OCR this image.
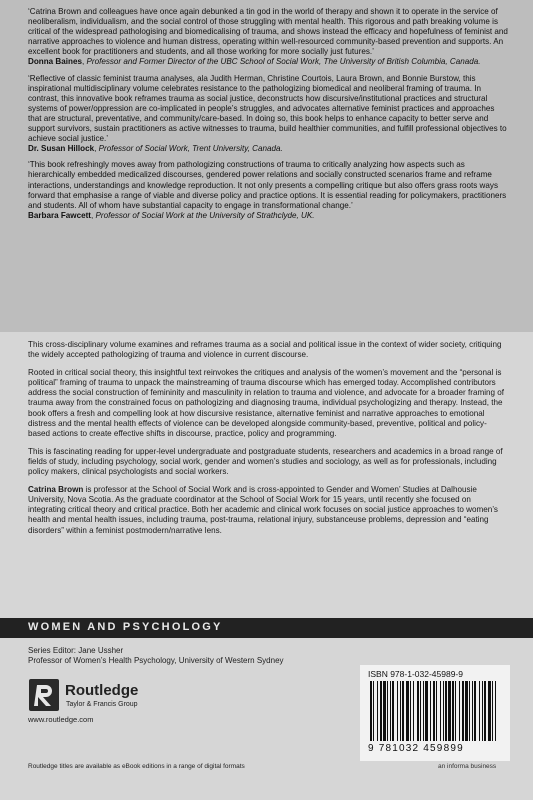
‘Catrina Brown and colleagues have once again debunked a tin god in the world of therapy and shown it to operate in the service of neoliberalism, individualism, and the social control of those struggling with mental health. This rigorous and path breaking volume is critical of the widespread pathologising and biomedicalising of trauma, and shows instead the efficacy and hopefulness of feminist and narrative approaches to violence and human distress, operating within well-resourced community-based prevention and supports. An excellent book for practitioners and students, and all those working for more socially just futures.’
Donna Baines, Professor and Former Director of the UBC School of Social Work, The University of British Columbia, Canada.

‘Reflective of classic feminist trauma analyses, ala Judith Herman, Christine Courtois, Laura Brown, and Bonnie Burstow, this inspirational multidisciplinary volume celebrates resistance to the pathologizing biomedical and neoliberal framing of trauma. In contrast, this innovative book reframes trauma as social justice, deconstructs how discursive/institutional practices and structural systems of power/oppression are co-implicated in people’s struggles, and advocates alternative feminist practices and approaches that are structural, preventative, and community/care-based. In doing so, this book helps to enhance capacity to better serve and support survivors, sustain practitioners as active witnesses to trauma, build healthier communities, and fulfill professional objectives to achieve social justice.’
Dr. Susan Hillock, Professor of Social Work, Trent University, Canada.

‘This book refreshingly moves away from pathologizing constructions of trauma to critically analyzing how aspects such as hierarchically embedded medicalized discourses, gendered power relations and socially constructed scenarios frame and reframe interactions, understandings and knowledge reproduction. It not only presents a compelling critique but also offers grass roots ways forward that emphasise a range of viable and diverse policy and practice options. It is essential reading for policymakers, practitioners and students. All of whom have substantial capacity to engage in transformational change.’
Barbara Fawcett, Professor of Social Work at the University of Strathclyde, UK.

This cross-disciplinary volume examines and reframes trauma as a social and political issue in the context of wider society, critiquing the widely accepted pathologizing of trauma and violence in current discourse.

Rooted in critical social theory, this insightful text reinvokes the critiques and analysis of the women’s movement and the “personal is political” framing of trauma to unpack the mainstreaming of trauma discourse which has emerged today. Accomplished contributors address the social construction of femininity and masculinity in relation to trauma and violence, and advocate for a broader framing of trauma away from the constrained focus on pathologizing and diagnosing trauma, individual psychologizing and therapy. Instead, the book offers a fresh and compelling look at how discursive resistance, alternative feminist and narrative approaches to emotional distress and the mental health effects of violence can be developed alongside community-based, preventive, political and policy-based actions to create effective shifts in discourse, practice, policy and programming.

This is fascinating reading for upper-level undergraduate and postgraduate students, researchers and academics in a broad range of fields of study, including psychology, social work, gender and women’s studies and sociology, as well as for professionals, including policy makers, clinical psychologists and social workers.

Catrina Brown is professor at the School of Social Work and is cross-appointed to Gender and Women’ Studies at Dalhousie University, Nova Scotia. As the graduate coordinator at the School of Social Work for 15 years, until recently she focused on integrating critical theory and critical practice. Both her academic and clinical work focuses on social justice approaches to women’s health and mental health issues, including trauma, post-trauma, relational injury, substanceuse problems, depression and “eating disorders” within a feminist postmodern/narrative lens.

WOMEN AND PSYCHOLOGY
Series Editor: Jane Ussher
Professor of Women’s Health Psychology, University of Western Sydney
Routledge
Taylor & Francis Group
www.routledge.com
Routledge titles are available as eBook editions in a range of digital formats
ISBN 978-1-032-45989-9
9 781032 459899
an informa business
